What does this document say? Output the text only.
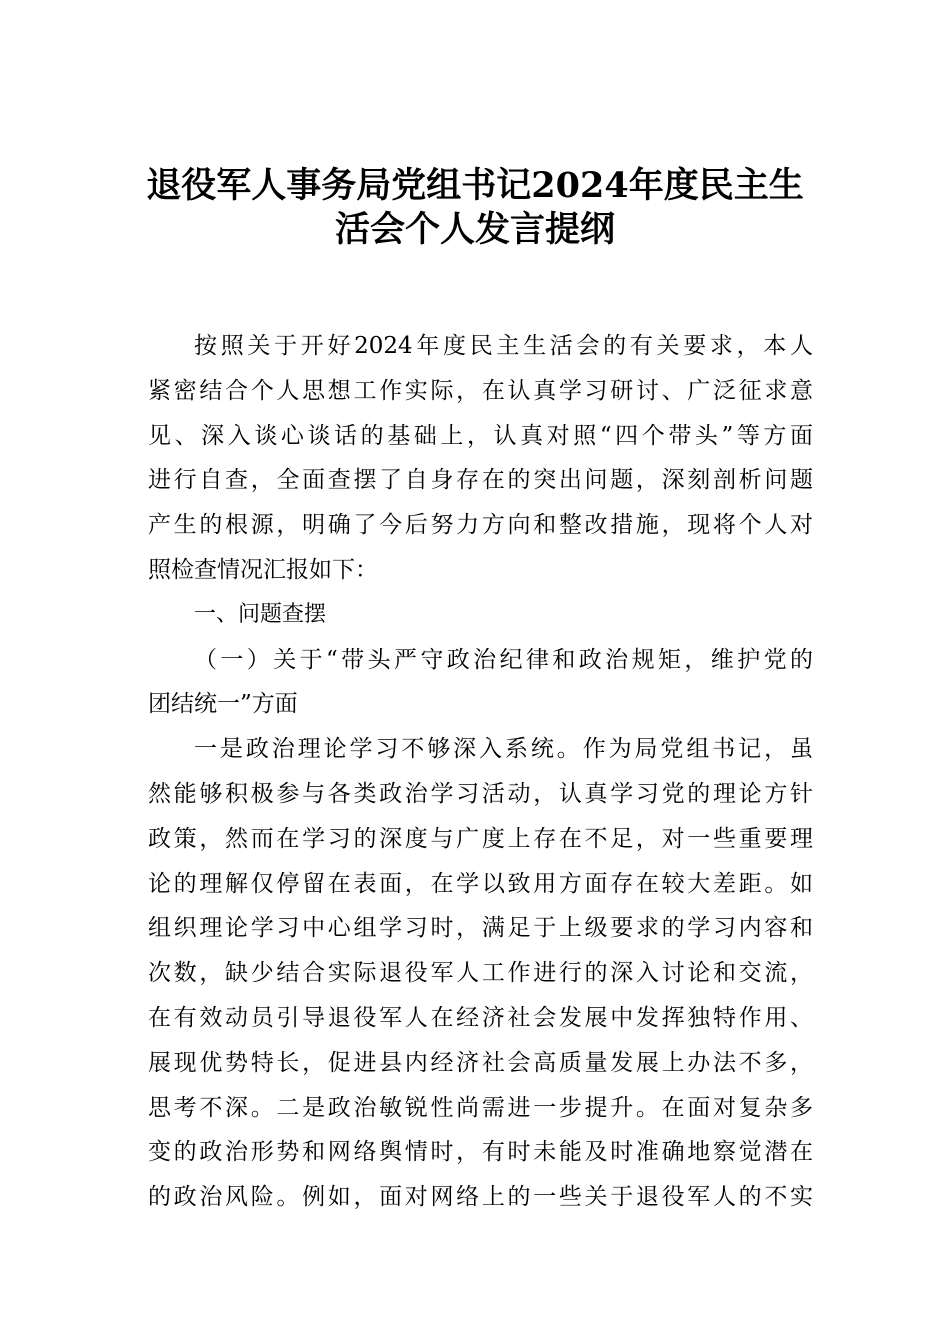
退役军人事务局党组书记2024年度民主生
活会个人发言提纲
按照关于开好2024年度民主生活会的有关要求，本人
紧密结合个人思想工作实际，在认真学习研讨、广泛征求意
见、深入谈心谈话的基础上，认真对照“四个带头”等方面
进行自查，全面查摆了自身存在的突出问题，深刻剖析问题
产生的根源，明确了今后努力方向和整改措施，现将个人对
照检查情况汇报如下：
一、问题查摆
（一）关于“带头严守政治纪律和政治规矩，维护党的
团结统一”方面
一是政治理论学习不够深入系统。作为局党组书记，虽
然能够积极参与各类政治学习活动，认真学习党的理论方针
政策，然而在学习的深度与广度上存在不足，对一些重要理
论的理解仅停留在表面，在学以致用方面存在较大差距。如
组织理论学习中心组学习时，满足于上级要求的学习内容和
次数，缺少结合实际退役军人工作进行的深入讨论和交流，
在有效动员引导退役军人在经济社会发展中发挥独特作用、
展现优势特长，促进县内经济社会高质量发展上办法不多，
思考不深。二是政治敏锐性尚需进一步提升。在面对复杂多
变的政治形势和网络舆情时，有时未能及时准确地察觉潜在
的政治风险。例如，面对网络上的一些关于退役军人的不实
